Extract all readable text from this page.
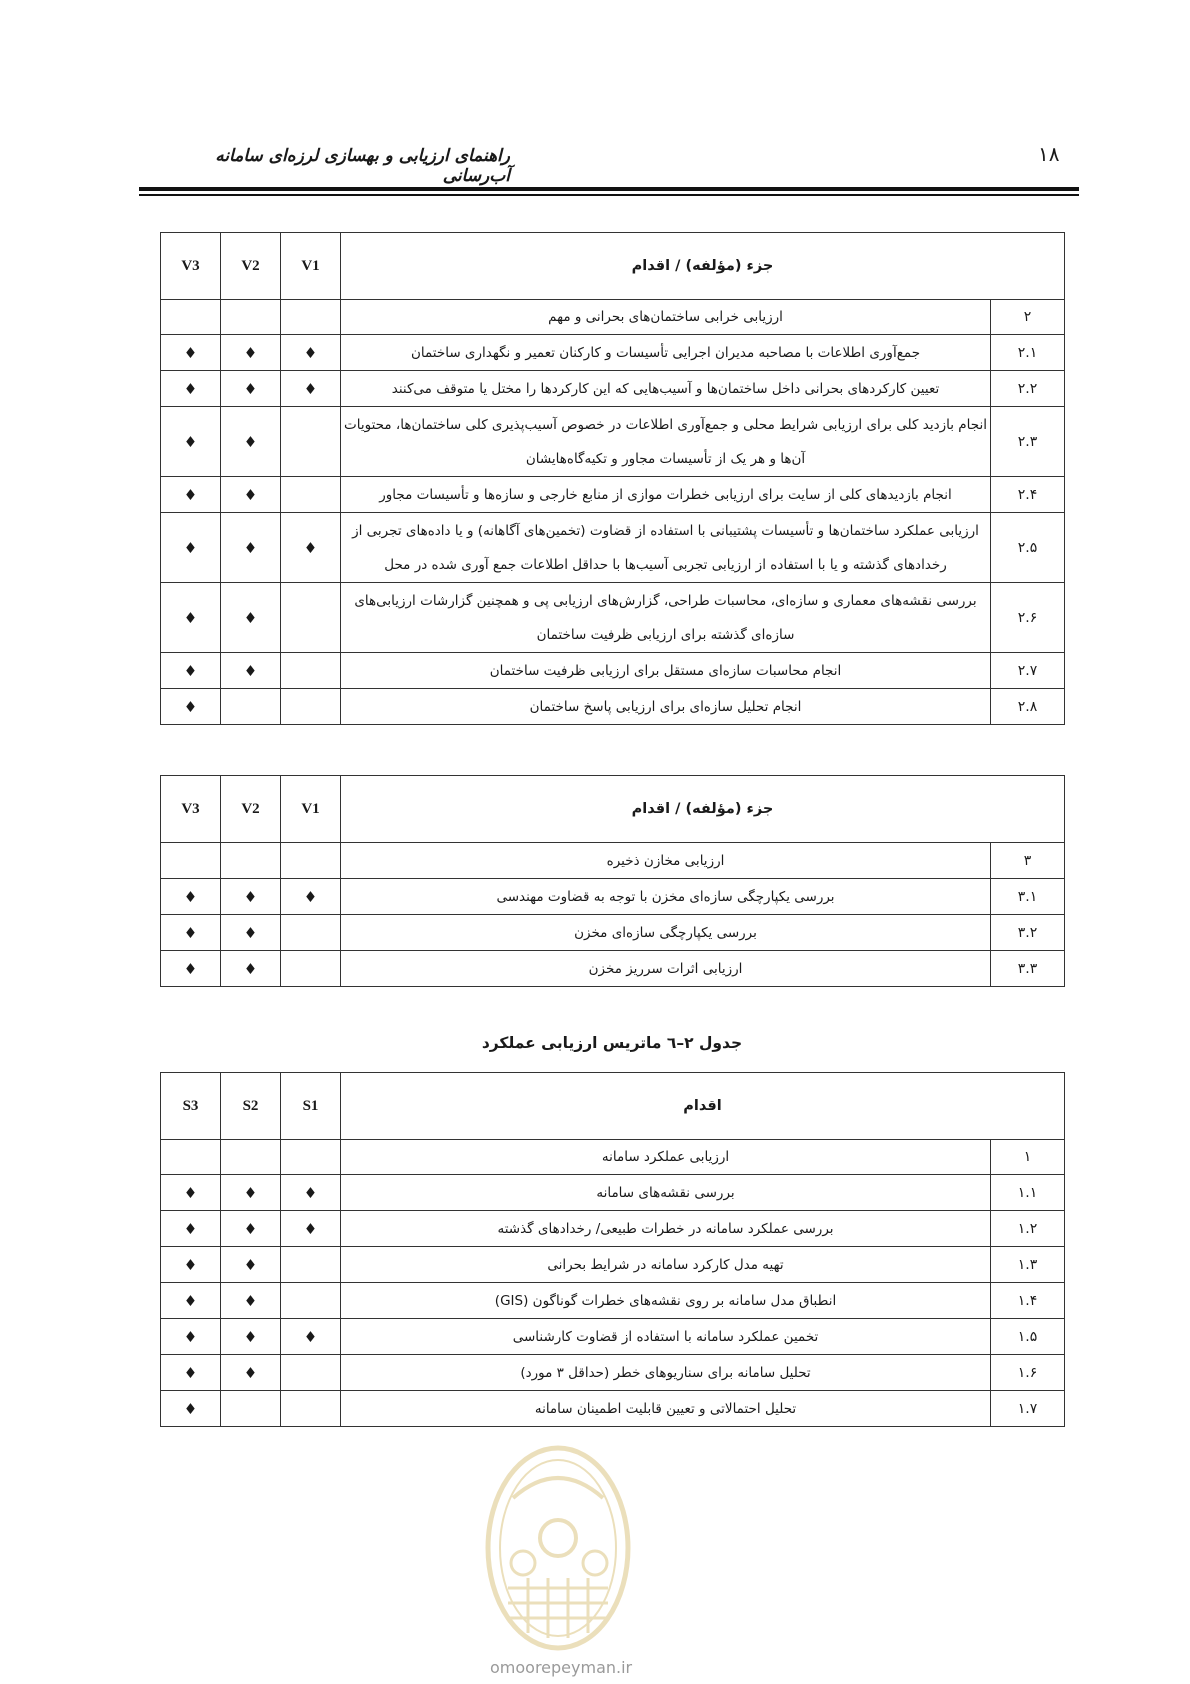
۱۸
راهنمای ارزیابی و بهسازی لرزه‌ای سامانه آب‌رسانی
جزء (مؤلفه) / اقدام		V1	V2	V3
۲	ارزیابی خرابی ساختمان‌های بحرانی و مهم			
۲.۱	جمع‌آوری اطلاعات با مصاحبه مدیران اجرایی تأسیسات و کارکنان تعمیر و نگهداری ساختمان	♦	♦	♦
۲.۲	تعیین کارکردهای بحرانی داخل ساختمان‌ها و آسیب‌هایی که این کارکردها را مختل یا متوقف می‌کنند	♦	♦	♦
۲.۳	انجام بازدید کلی برای ارزیابی شرایط محلی و جمع‌آوری اطلاعات در خصوص آسیب‌پذیری کلی ساختمان‌ها، محتویات آن‌ها و هر یک از تأسیسات مجاور و تکیه‌گاه‌هایشان		♦	♦
۲.۴	انجام بازدیدهای کلی از سایت برای ارزیابی خطرات موازی از منابع خارجی و سازه‌ها و تأسیسات مجاور		♦	♦
۲.۵	ارزیابی عملکرد ساختمان‌ها و تأسیسات پشتیبانی با استفاده از قضاوت (تخمین‌های آگاهانه) و یا داده‌های تجربی از رخدادهای گذشته و یا با استفاده از ارزیابی تجربی آسیب‌ها با حداقل اطلاعات جمع آوری شده در محل	♦	♦	♦
۲.۶	بررسی نقشه‌های معماری و سازه‌ای، محاسبات طراحی، گزارش‌های ارزیابی پی و همچنین گزارشات ارزیابی‌های سازه‌ای گذشته برای ارزیابی ظرفیت ساختمان		♦	♦
۲.۷	انجام محاسبات سازه‌ای مستقل برای ارزیابی ظرفیت ساختمان		♦	♦
۲.۸	انجام تحلیل سازه‌ای برای ارزیابی پاسخ ساختمان			♦
جزء (مؤلفه) / اقدام		V1	V2	V3
۳	ارزیابی مخازن ذخیره			
۳.۱	بررسی یکپارچگی سازه‌ای مخزن با توجه به قضاوت مهندسی	♦	♦	♦
۳.۲	بررسی یکپارچگی سازه‌ای مخزن		♦	♦
۳.۳	ارزیابی اثرات سرریز مخزن		♦	♦
جدول ۲–٦ ماتریس ارزیابی عملکرد
اقدام		S1	S2	S3
۱	ارزیابی عملکرد سامانه			
۱.۱	بررسی نقشه‌های سامانه	♦	♦	♦
۱.۲	بررسی عملکرد سامانه در خطرات طبیعی/ رخدادهای گذشته	♦	♦	♦
۱.۳	تهیه مدل کارکرد سامانه در شرایط بحرانی		♦	♦
۱.۴	انطباق مدل سامانه بر روی نقشه‌های خطرات گوناگون (GIS)		♦	♦
۱.۵	تخمین عملکرد سامانه با استفاده از قضاوت کارشناسی	♦	♦	♦
۱.۶	تحلیل سامانه برای سناریوهای خطر (حداقل ۳ مورد)		♦	♦
۱.۷	تحلیل احتمالاتی و تعیین قابلیت اطمینان سامانه			♦
omoorepeyman.ir
